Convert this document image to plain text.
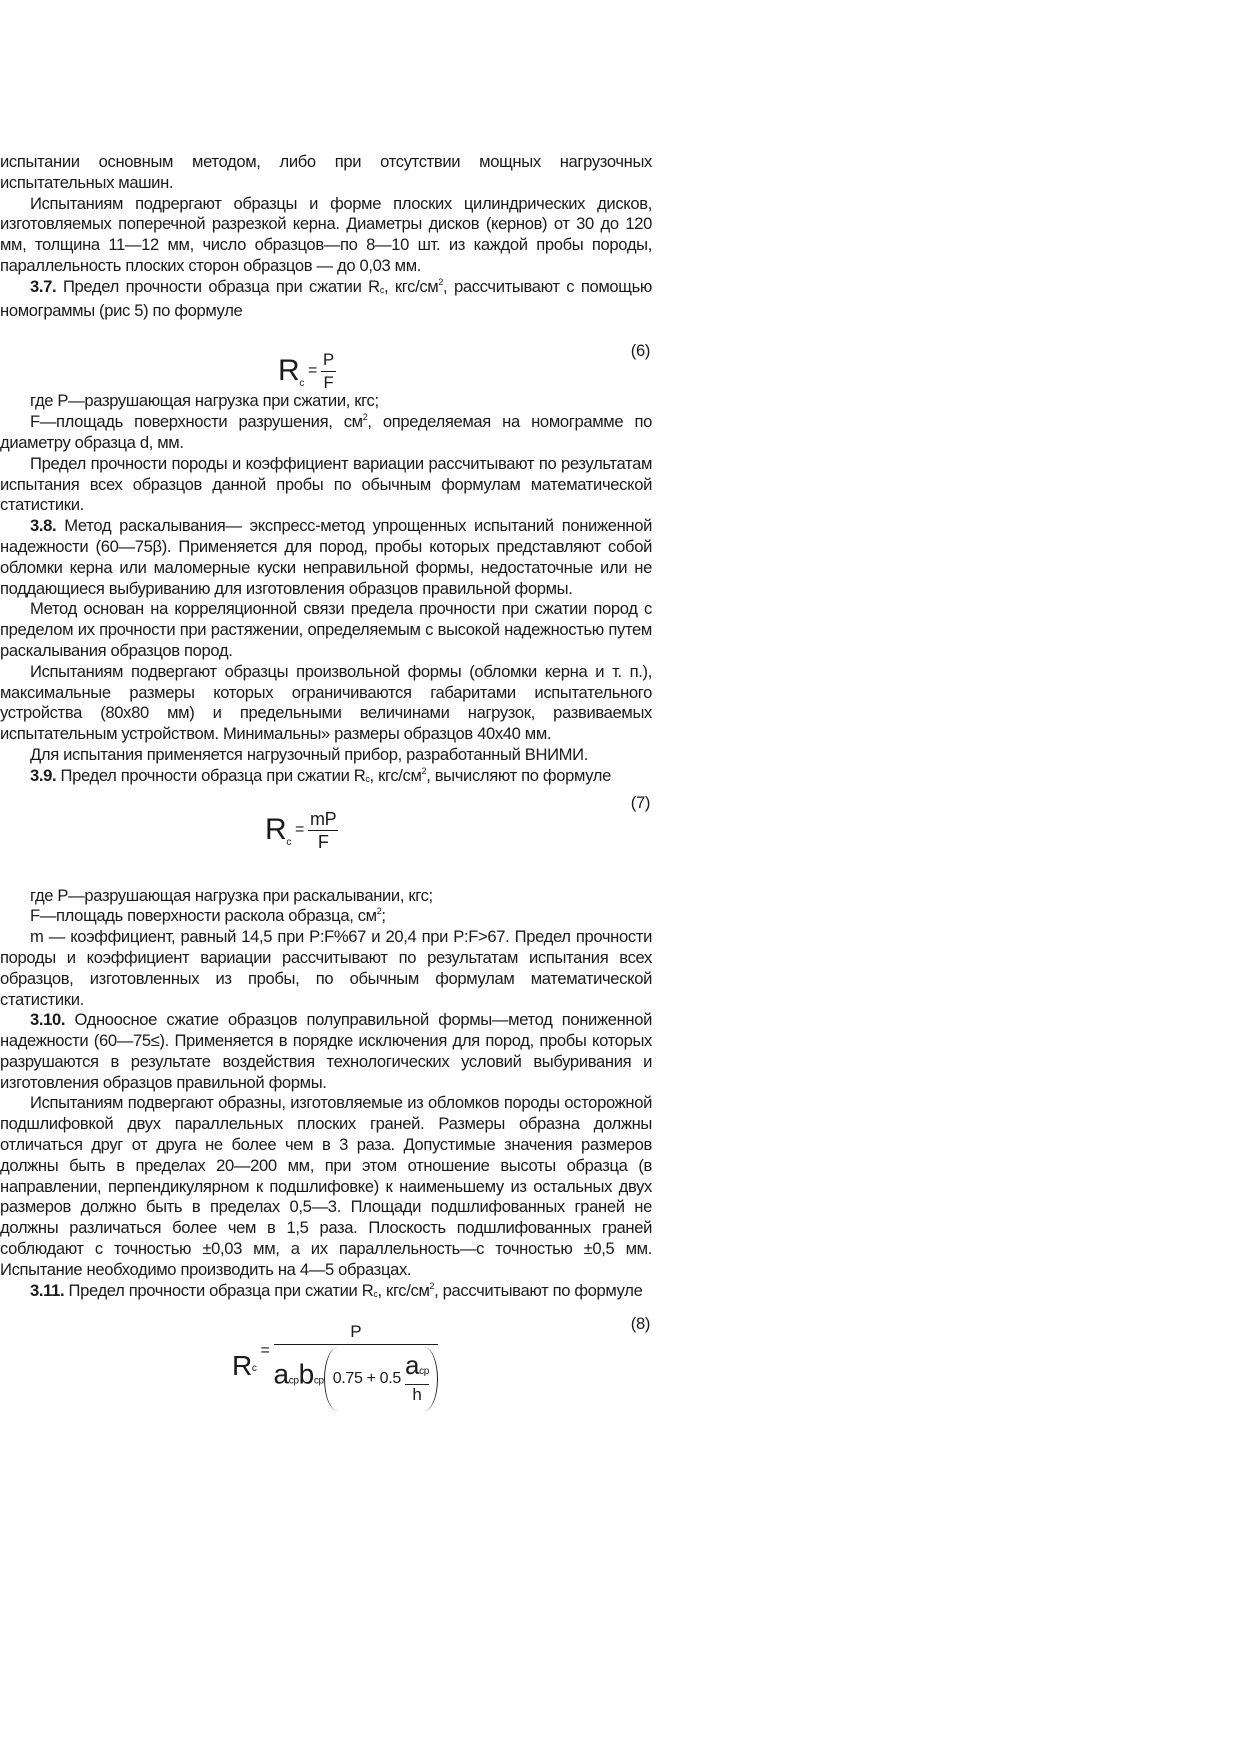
испытании основным методом, либо при отсутствии мощных нагрузочных испытательных машин.

Испытаниям подрергают образцы и форме плоских цилиндрических дисков, изготовляемых поперечной разрезкой керна. Диаметры дисков (кернов) от 30 до 120 мм, толщина 11—12 мм, число образцов—по 8—10 шт. из каждой пробы породы, параллельность плоских сторон образцов — до 0,03 мм.

3.7. Предел прочности образца при сжатии $R_с$, кгс/$см^2$, рассчитывают с помощью номограммы (рис 5) по формуле

(6)
$R_c= \frac{P}{F}$

где Р—разрушающая нагрузка при сжатии, кгс;

F—площадь поверхности разрушения, $см^2$, определяемая на номограмме по диаметру образца d, мм.

Предел прочности породы и коэффициент вариации рассчитывают по результатам испытания всех образцов данной пробы по обычным формулам математической статистики.

3.8. Метод раскалывания— экспресс-метод упрощенных испытаний пониженной надежности (60—75β). Применяется для пород, пробы которых представляют собой обломки керна или маломерные куски неправильной формы, недостаточные или не поддающиеся выбуриванию для изготовления образцов правильной формы.

Метод основан на корреляционной связи предела прочности при сжатии пород с пределом их прочности при растяжении, определяемым с высокой надежностью путем раскалывания образцов пород.

Испытаниям подвергают образцы произвольной формы (обломки керна и т. п.), максимальные размеры которых ограничиваются габаритами испытательного устройства (80x80 мм) и предельными величинами нагрузок, развиваемых испытательным устройством. Минимальны» размеры образцов 40x40 мм.

Для испытания применяется нагрузочный прибор, разработанный ВНИМИ.

3.9. Предел прочности образца при сжатии $R_с$, кгс/$см^2$, вычисляют по формуле

(7)
$R_c= \frac{mP}{F}$

где Р—разрушающая нагрузка при раскалывании, кгс;

F—площадь поверхности раскола образца, $см^2$;

m — коэффициент, равный 14,5 при P:F%67 и 20,4 при P:F>67. Предел прочности породы и коэффициент вариации рассчитывают по результатам испытания всех образцов, изготовленных из пробы, по обычным формулам математической статистики.

3.10. Одноосное сжатие образцов полуправильной формы—метод пониженной надежности (60—75≤). Применяется в порядке исключения для пород, пробы которых разрушаются в результате воздействия технологических условий выбуривания и изготовления образцов правильной формы.

Испытаниям подвергают образны, изготовляемые из обломков породы осторожной подшлифовкой двух параллельных плоских граней. Размеры образна должны отличаться друг от друга не более чем в 3 раза. Допустимые значения размеров должны быть в пределах 20—200 мм, при этом отношение высоты образца (в направлении, перпендикулярном к подшлифовке) к наименьшему из остальных двух размеров должно быть в пределах 0,5—3. Площади подшлифованных граней не должны различаться более чем в 1,5 раза. Плоскость подшлифованных граней соблюдают с точностью ±0,03 мм, а их параллельность—с точностью ±0,5 мм. Испытание необходимо производить на 4—5 образцах.

3.11. Предел прочности образца при сжатии $R_с$, кгс/$см^2$, рассчитывают по формуле

(8)
R c
=
P
acpbcp $0.75 + 0.5 \frac{\text{acp}}{h}$
